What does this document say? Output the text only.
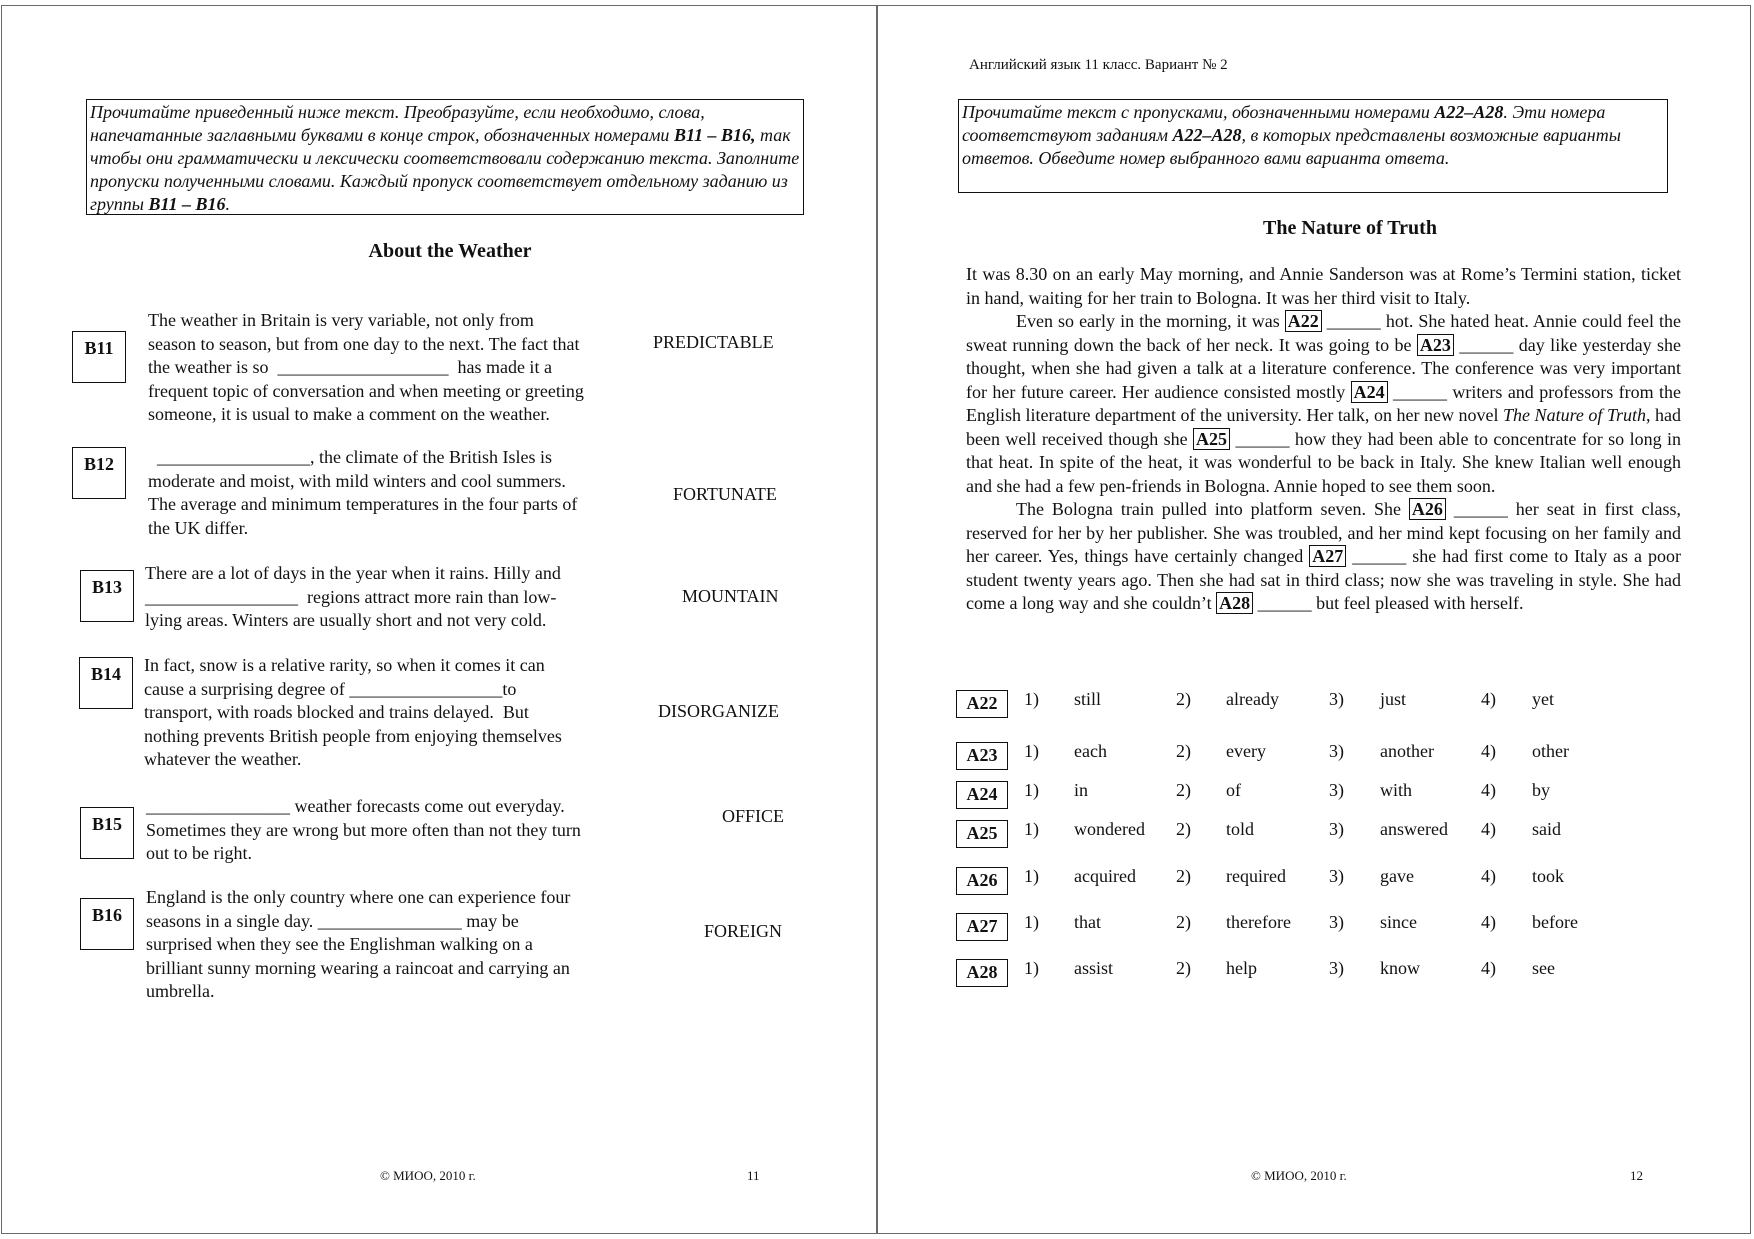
Прочитайте приведенный ниже текст. Преобразуйте, если необходимо, слова, напечатанные заглавными буквами в конце строк, обозначенных номерами B11 – B16, так чтобы они грамматически и лексически соответствовали содержанию текста. Заполните пропуски полученными словами. Каждый пропуск соответствует отдельному заданию из группы B11 – B16.
About the Weather
B11
The weather in Britain is very variable, not only from
season to season, but from one day to the next. The fact that
the weather is so  ___________________  has made it a
frequent topic of conversation and when meeting or greeting
someone, it is usual to make a comment on the weather.
PREDICTABLE
B12	_________________, the climate of the British Isles is
moderate and moist, with mild winters and cool summers.
The average and minimum temperatures in the four parts of
the UK differ.
FORTUNATE
B13
There are a lot of days in the year when it rains. Hilly and
_________________  regions attract more rain than low-
lying areas. Winters are usually short and not very cold.
MOUNTAIN
B14	In fact, snow is a relative rarity, so when it comes it can
cause a surprising degree of _________________to
transport, with roads blocked and trains delayed.  But
nothing prevents British people from enjoying themselves
whatever the weather.
DISORGANIZE
B15
________________ weather forecasts come out everyday.
Sometimes they are wrong but more often than not they turn
out to be right.
OFFICE
B16
England is the only country where one can experience four
seasons in a single day. ________________ may be
surprised when they see the Englishman walking on a
brilliant sunny morning wearing a raincoat and carrying an
umbrella.
FOREIGN
© МИОО, 2010 г.	11
Английский язык 11 класс. Вариант № 2
Прочитайте текст с пропусками, обозначенными номерами A22–A28. Эти номера соответствуют заданиям A22–A28, в которых представлены возможные варианты ответов. Обведите номер выбранного вами варианта ответа.
The Nature of Truth
It was 8.30 on an early May morning, and Annie Sanderson was at Rome’s Termini station, ticket in hand, waiting for her train to Bologna. It was her third visit to Italy.
Even so early in the morning, it was A22 ______ hot. She hated heat. Annie could feel the sweat running down the back of her neck. It was going to be A23 ______ day like yesterday she thought, when she had given a talk at a literature conference. The conference was very important for her future career. Her audience consisted mostly A24 ______ writers and professors from the English literature department of the university. Her talk, on her new novel The Nature of Truth, had been well received though she A25 ______ how they had been able to concentrate for so long in that heat. In spite of the heat, it was wonderful to be back in Italy. She knew Italian well enough and she had a few pen-friends in Bologna. Annie hoped to see them soon.
The Bologna train pulled into platform seven. She A26 ______ her seat in first class, reserved for her by her publisher. She was troubled, and her mind kept focusing on her family and her career. Yes, things have certainly changed A27 ______ she had first come to Italy as a poor student twenty years ago. Then she had sat in third class; now she was traveling in style. She had come a long way and she couldn’t A28 ______ but feel pleased with herself.
A22	1) still	2) already	3) just	4) yet
A23	1) each	2) every	3) another	4) other
A24	1) in	2) of	3) with	4) by
A25	1) wondered 2) told	3) answered 4) said
A26	1) acquired 2) required 3) gave	4) took
A27	1) that	2) therefore 3) since	4) before
A28	1) assist	2) help	3) know	4) see
© МИОО, 2010 г.	12
